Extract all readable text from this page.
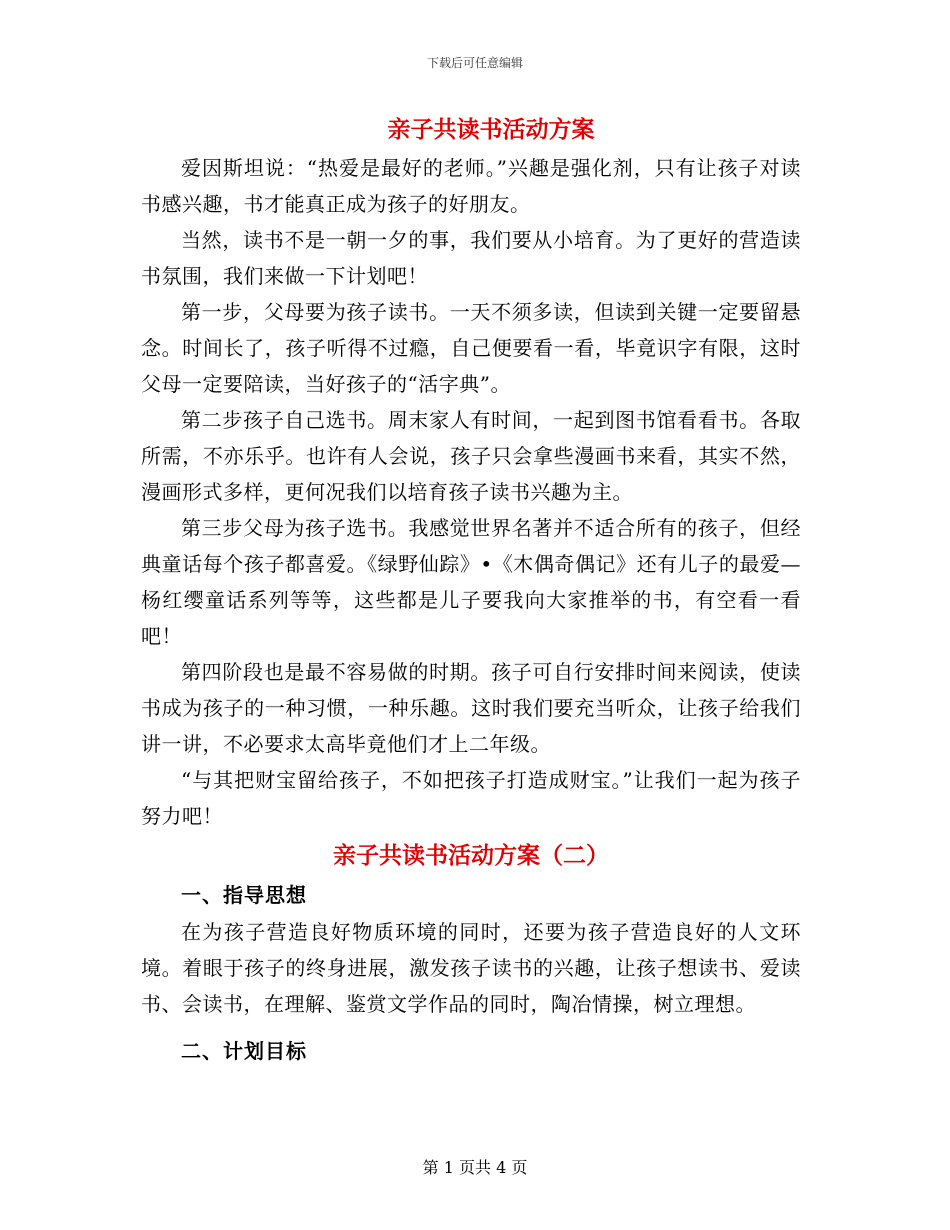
下载后可任意编辑
亲子共读书活动方案

爱因斯坦说：“热爱是最好的老师。”兴趣是强化剂，只有让孩子对读书感兴趣，书才能真正成为孩子的好朋友。

当然，读书不是一朝一夕的事，我们要从小培育。为了更好的营造读书氛围，我们来做一下计划吧！

第一步，父母要为孩子读书。一天不须多读，但读到关键一定要留悬念。时间长了，孩子听得不过瘾，自己便要看一看，毕竟识字有限，这时父母一定要陪读，当好孩子的“活字典”。

第二步孩子自己选书。周末家人有时间，一起到图书馆看看书。各取所需，不亦乐乎。也许有人会说，孩子只会拿些漫画书来看，其实不然，漫画形式多样，更何况我们以培育孩子读书兴趣为主。

第三步父母为孩子选书。我感觉世界名著并不适合所有的孩子，但经典童话每个孩子都喜爱。《绿野仙踪》•《木偶奇偶记》还有儿子的最爱—杨红缨童话系列等等，这些都是儿子要我向大家推举的书，有空看一看吧！

第四阶段也是最不容易做的时期。孩子可自行安排时间来阅读，使读书成为孩子的一种习惯，一种乐趣。这时我们要充当听众，让孩子给我们讲一讲，不必要求太高毕竟他们才上二年级。

“与其把财宝留给孩子，不如把孩子打造成财宝。”让我们一起为孩子努力吧！

亲子共读书活动方案（二）
一、指导思想

在为孩子营造良好物质环境的同时，还要为孩子营造良好的人文环境。着眼于孩子的终身进展，激发孩子读书的兴趣，让孩子想读书、爱读书、会读书，在理解、鉴赏文学作品的同时，陶冶情操，树立理想。

二、计划目标
第 1 页共 4 页
